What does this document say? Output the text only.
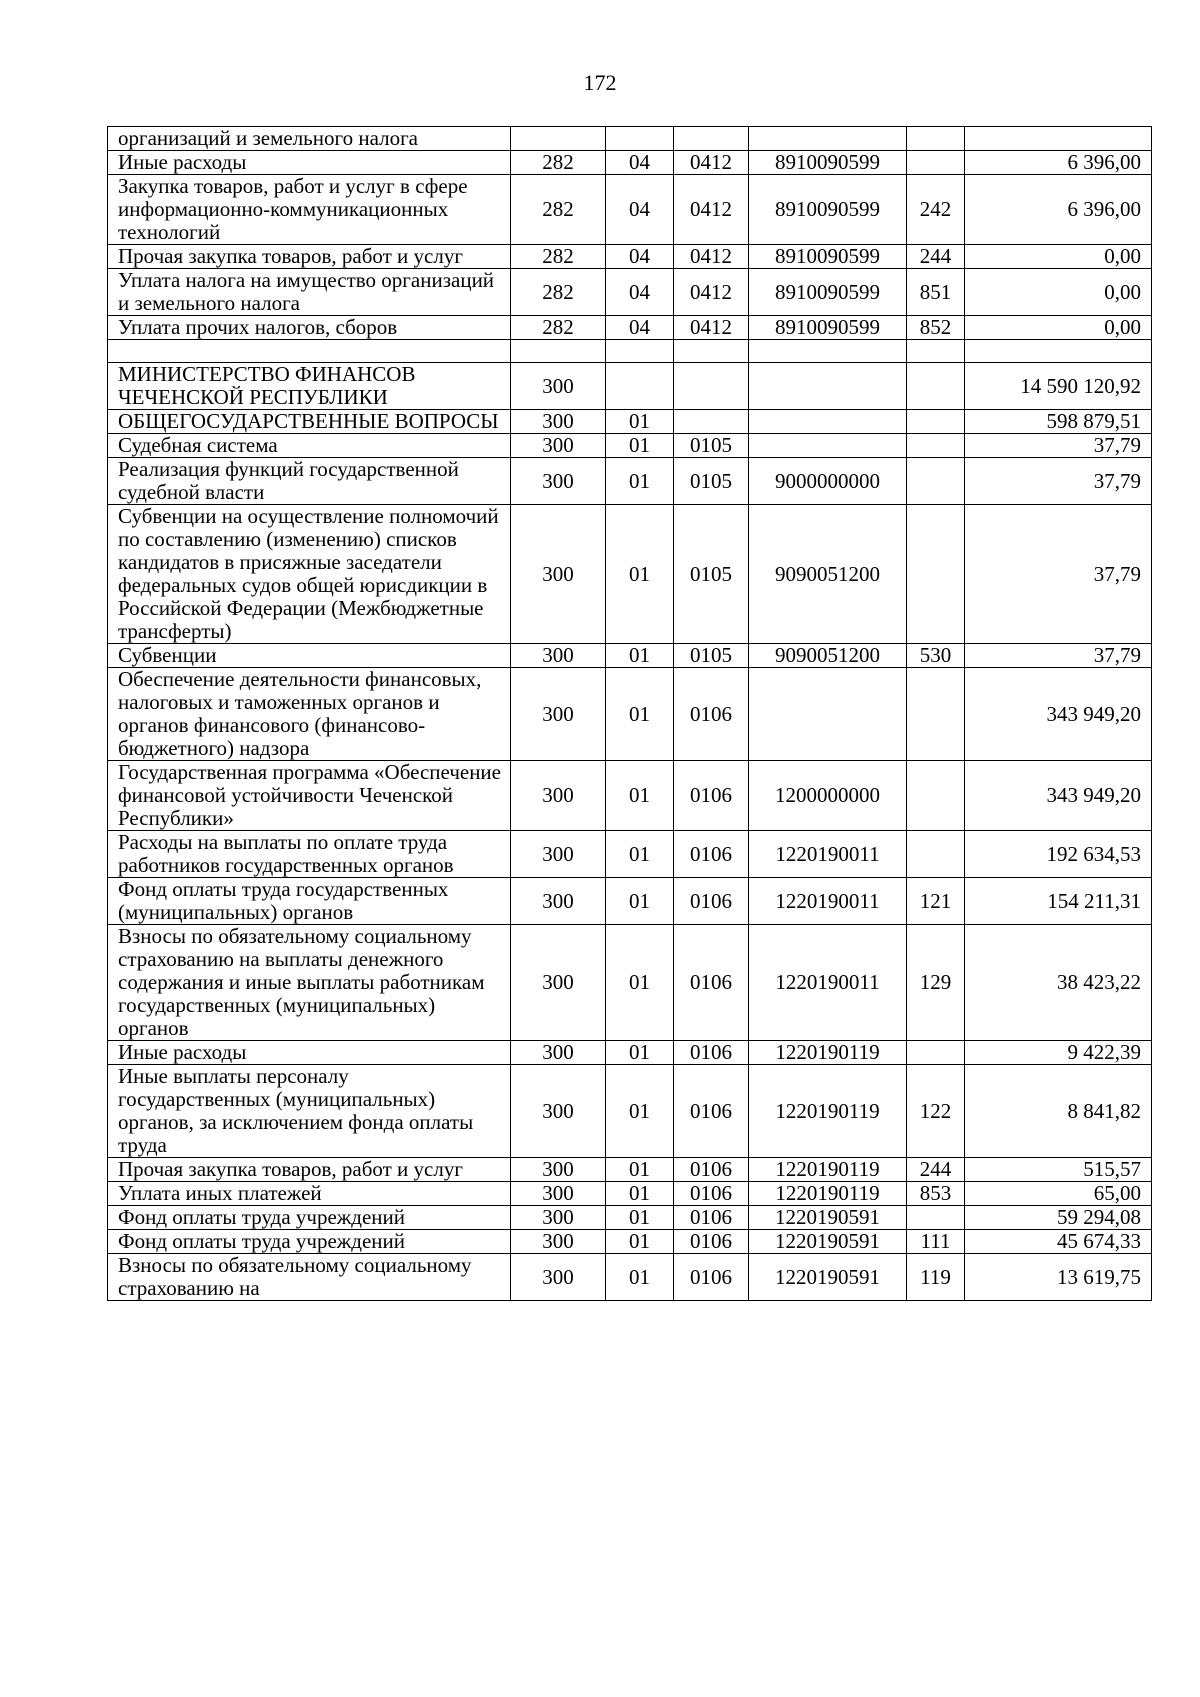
172
организаций и земельного налога						
Иные расходы	282	04	0412	8910090599		6 396,00
Закупка товаров, работ и услуг в сфере информационно-коммуникационных технологий	282	04	0412	8910090599	242	6 396,00
Прочая закупка товаров, работ и услуг	282	04	0412	8910090599	244	0,00
Уплата налога на имущество организаций и земельного налога	282	04	0412	8910090599	851	0,00
Уплата прочих налогов, сборов	282	04	0412	8910090599	852	0,00

МИНИСТЕРСТВО ФИНАНСОВ ЧЕЧЕНСКОЙ РЕСПУБЛИКИ	300					14 590 120,92
ОБЩЕГОСУДАРСТВЕННЫЕ ВОПРОСЫ	300	01				598 879,51
Судебная система	300	01	0105			37,79
Реализация функций государственной судебной власти	300	01	0105	9000000000		37,79
Субвенции на осуществление полномочий по составлению (изменению) списков кандидатов в присяжные заседатели федеральных судов общей юрисдикции в Российской Федерации (Межбюджетные трансферты)	300	01	0105	9090051200		37,79
Субвенции	300	01	0105	9090051200	530	37,79
Обеспечение деятельности финансовых, налоговых и таможенных органов и органов финансового (финансово-бюджетного) надзора	300	01	0106			343 949,20
Государственная программа «Обеспечение финансовой устойчивости Чеченской Республики»	300	01	0106	1200000000		343 949,20
Расходы на выплаты по оплате труда работников государственных органов	300	01	0106	1220190011		192 634,53
Фонд оплаты труда государственных (муниципальных) органов	300	01	0106	1220190011	121	154 211,31
Взносы по обязательному социальному страхованию на выплаты денежного содержания и иные выплаты работникам государственных (муниципальных) органов	300	01	0106	1220190011	129	38 423,22
Иные расходы	300	01	0106	1220190119		9 422,39
Иные выплаты персоналу государственных (муниципальных) органов, за исключением фонда оплаты труда	300	01	0106	1220190119	122	8 841,82
Прочая закупка товаров, работ и услуг	300	01	0106	1220190119	244	515,57
Уплата иных платежей	300	01	0106	1220190119	853	65,00
Фонд оплаты труда учреждений	300	01	0106	1220190591		59 294,08
Фонд оплаты труда учреждений	300	01	0106	1220190591	111	45 674,33
Взносы по обязательному социальному страхованию на	300	01	0106	1220190591	119	13 619,75
